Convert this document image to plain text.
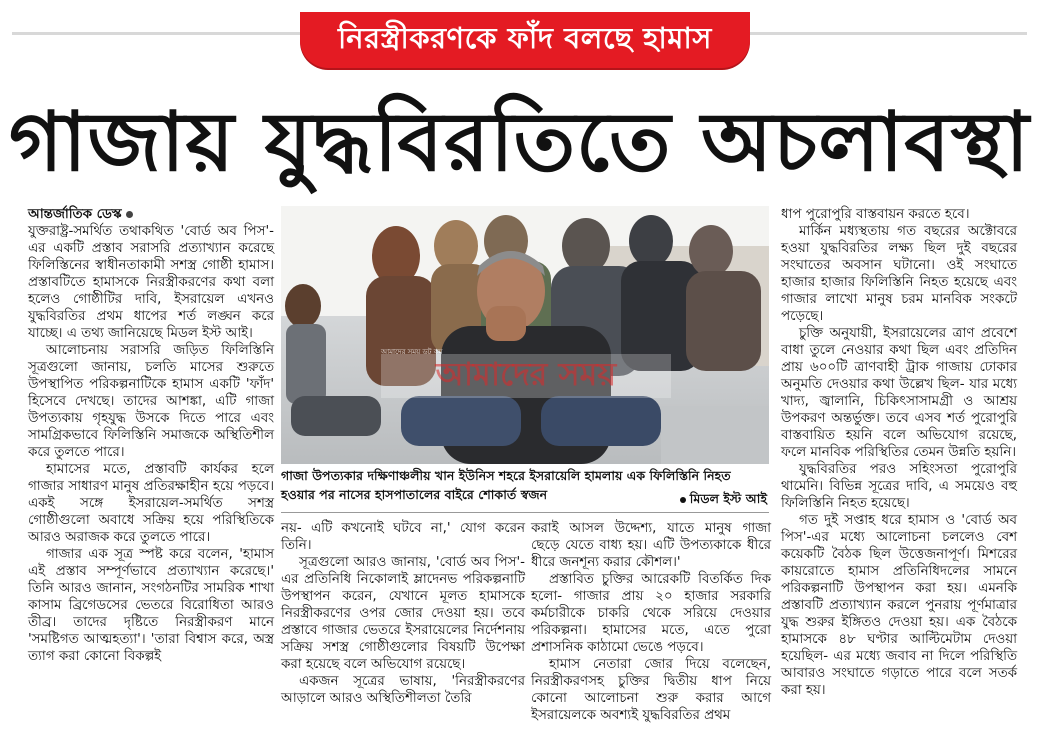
নিরস্ত্রীকরণকে ফাঁদ বলছে হামাস
গাজায় যুদ্ধবিরতিতে অচলাবস্থা
আন্তর্জাতিক ডেস্ক

যুক্তরাষ্ট্র-সমর্থিত তথাকথিত 'বোর্ড অব পিস'-এর একটি প্রস্তাব সরাসরি প্রত্যাখ্যান করেছে ফিলিস্তিনের স্বাধীনতাকামী সশস্ত্র গোষ্ঠী হামাস। প্রস্তাবটিতে হামাসকে নিরস্ত্রীকরণের কথা বলা হলেও গোষ্ঠীটির দাবি, ইসরায়েল এখনও যুদ্ধবিরতির প্রথম ধাপের শর্ত লঙ্ঘন করে যাচ্ছে। এ তথ্য জানিয়েছে মিডল ইস্ট আই।

আলোচনায় সরাসরি জড়িত ফিলিস্তিনি সূত্রগুলো জানায়, চলতি মাসের শুরুতে উপস্থাপিত পরিকল্পনাটিকে হামাস একটি 'ফাঁদ' হিসেবে দেখছে। তাদের আশঙ্কা, এটি গাজা উপত্যকায় গৃহযুদ্ধ উসকে দিতে পারে এবং সামগ্রিকভাবে ফিলিস্তিনি সমাজকে অস্থিতিশীল করে তুলতে পারে।

হামাসের মতে, প্রস্তাবটি কার্যকর হলে গাজার সাধারণ মানুষ প্রতিরক্ষাহীন হয়ে পড়বে। একই সঙ্গে ইসরায়েল-সমর্থিত সশস্ত্র গোষ্ঠীগুলো অবাধে সক্রিয় হয়ে পরিস্থিতিকে আরও অরাজক করে তুলতে পারে।

গাজার এক সূত্র স্পষ্ট করে বলেন, 'হামাস এই প্রস্তাব সম্পূর্ণভাবে প্রত্যাখ্যান করেছে।' তিনি আরও জানান, সংগঠনটির সামরিক শাখা কাসাম ব্রিগেডসের ভেতরে বিরোধিতা আরও তীব্র। তাদের দৃষ্টিতে নিরস্ত্রীকরণ মানে 'সমষ্টিগত আত্মহত্যা'। 'তারা বিশ্বাস করে, অস্ত্র ত্যাগ করা কোনো বিকল্পই

আমাদের সময় ডট কম
আমাদের সময়
গাজা উপত্যকার দক্ষিণাঞ্চলীয় খান ইউনিস শহরে ইসরায়েলি হামলায় এক ফিলিস্তিনি নিহত
হওয়ার পর নাসের হাসপাতালের বাইরে শোকার্ত স্বজন	মিডল ইস্ট আই

নয়- এটি কখনোই ঘটবে না,' যোগ করেন তিনি।

সূত্রগুলো আরও জানায়, 'বোর্ড অব পিস'-এর প্রতিনিধি নিকোলাই ম্লাদেনভ পরিকল্পনাটি উপস্থাপন করেন, যেখানে মূলত হামাসকে নিরস্ত্রীকরণের ওপর জোর দেওয়া হয়। তবে প্রস্তাবে গাজার ভেতরে ইসরায়েলের নির্দেশনায় সক্রিয় সশস্ত্র গোষ্ঠীগুলোর বিষয়টি উপেক্ষা করা হয়েছে বলে অভিযোগ রয়েছে।

একজন সূত্রের ভাষায়, 'নিরস্ত্রীকরণের আড়ালে আরও অস্থিতিশীলতা তৈরি

করাই আসল উদ্দেশ্য, যাতে মানুষ গাজা ছেড়ে যেতে বাধ্য হয়। এটি উপত্যকাকে ধীরে ধীরে জনশূন্য করার কৌশল।'

প্রস্তাবিত চুক্তির আরেকটি বিতর্কিত দিক হলো- গাজার প্রায় ২০ হাজার সরকারি কর্মচারীকে চাকরি থেকে সরিয়ে দেওয়ার পরিকল্পনা। হামাসের মতে, এতে পুরো প্রশাসনিক কাঠামো ভেঙে পড়বে।

হামাস নেতারা জোর দিয়ে বলেছেন, নিরস্ত্রীকরণসহ চুক্তির দ্বিতীয় ধাপ নিয়ে কোনো আলোচনা শুরু করার আগে ইসরায়েলকে অবশ্যই যুদ্ধবিরতির প্রথম

ধাপ পুরোপুরি বাস্তবায়ন করতে হবে।

মার্কিন মধ্যস্থতায় গত বছরের অক্টোবরে হওয়া যুদ্ধবিরতির লক্ষ্য ছিল দুই বছরের সংঘাতের অবসান ঘটানো। ওই সংঘাতে হাজার হাজার ফিলিস্তিনি নিহত হয়েছে এবং গাজার লাখো মানুষ চরম মানবিক সংকটে পড়েছে।

চুক্তি অনুযায়ী, ইসরায়েলের ত্রাণ প্রবেশে বাধা তুলে নেওয়ার কথা ছিল এবং প্রতিদিন প্রায় ৬০০টি ত্রাণবাহী ট্রাক গাজায় ঢোকার অনুমতি দেওয়ার কথা উল্লেখ ছিল- যার মধ্যে খাদ্য, জ্বালানি, চিকিৎসাসামগ্রী ও আশ্রয় উপকরণ অন্তর্ভুক্ত। তবে এসব শর্ত পুরোপুরি বাস্তবায়িত হয়নি বলে অভিযোগ রয়েছে, ফলে মানবিক পরিস্থিতির তেমন উন্নতি হয়নি।

যুদ্ধবিরতির পরও সহিংসতা পুরোপুরি থামেনি। বিভিন্ন সূত্রের দাবি, এ সময়েও বহু ফিলিস্তিনি নিহত হয়েছে।

গত দুই সপ্তাহ ধরে হামাস ও 'বোর্ড অব পিস'-এর মধ্যে আলোচনা চললেও বেশ কয়েকটি বৈঠক ছিল উত্তেজনাপূর্ণ। মিশরের কায়রোতে হামাস প্রতিনিধিদলের সামনে পরিকল্পনাটি উপস্থাপন করা হয়। এমনকি প্রস্তাবটি প্রত্যাখ্যান করলে পুনরায় পূর্ণমাত্রার যুদ্ধ শুরুর ইঙ্গিতও দেওয়া হয়। এক বৈঠকে হামাসকে ৪৮ ঘণ্টার আল্টিমেটাম দেওয়া হয়েছিল- এর মধ্যে জবাব না দিলে পরিস্থিতি আবারও সংঘাতে গড়াতে পারে বলে সতর্ক করা হয়।
